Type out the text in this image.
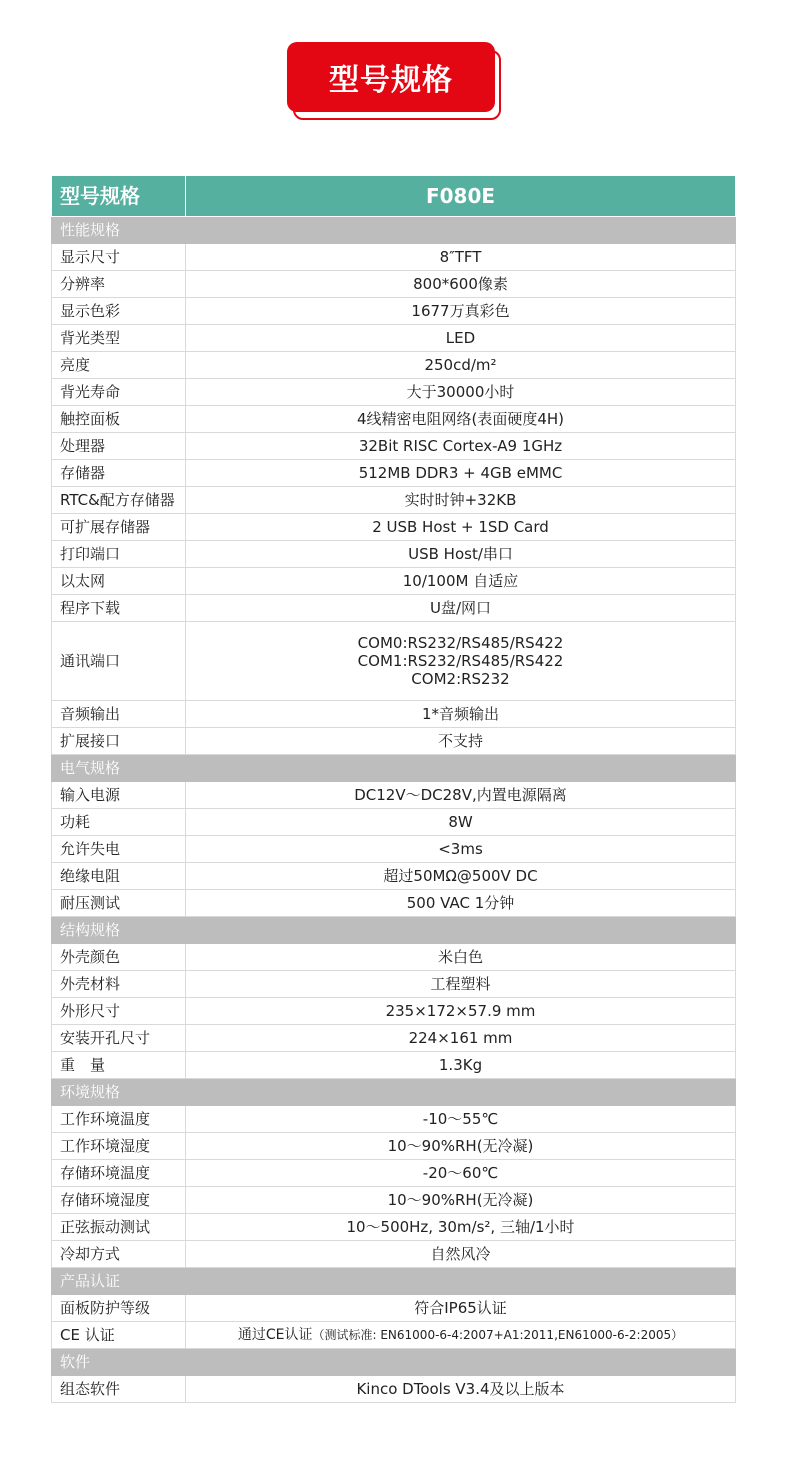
型号规格
型号规格	F080E
性能规格	
显示尺寸	8″TFT
分辨率	800*600像素
显示色彩	1677万真彩色
背光类型	LED
亮度	250cd/m²
背光寿命	大于30000小时
触控面板	4线精密电阻网络(表面硬度4H)
处理器	32Bit RISC Cortex-A9 1GHz
存储器	512MB DDR3 + 4GB eMMC
RTC&配方存储器	实时时钟+32KB
可扩展存储器	2 USB Host + 1SD Card
打印端口	USB Host/串口
以太网	10/100M 自适应
程序下载	U盘/网口
通讯端口	COM0:RS232/RS485/RS422
COM1:RS232/RS485/RS422
COM2:RS232

音频输出	1*音频输出
扩展接口	不支持
电气规格	
输入电源	DC12V～DC28V,内置电源隔离
功耗	8W
允许失电	<3ms
绝缘电阻	超过50MΩ@500V DC
耐压测试	500 VAC 1分钟
结构规格	
外壳颜色	米白色
外壳材料	工程塑料
外形尺寸	235×172×57.9 mm
安装开孔尺寸	224×161 mm
重　量	1.3Kg
环境规格	
工作环境温度	-10～55℃
工作环境湿度	10～90%RH(无冷凝)
存储环境温度	-20～60℃
存储环境湿度	10～90%RH(无冷凝)
正弦振动测试	10～500Hz, 30m/s², 三轴/1小时
冷却方式	自然风冷
产品认证	
面板防护等级	符合IP65认证
CE 认证	通过CE认证（测试标准: EN61000-6-4:2007+A1:2011,EN61000-6-2:2005）
软件	
组态软件	Kinco DTools V3.4及以上版本
